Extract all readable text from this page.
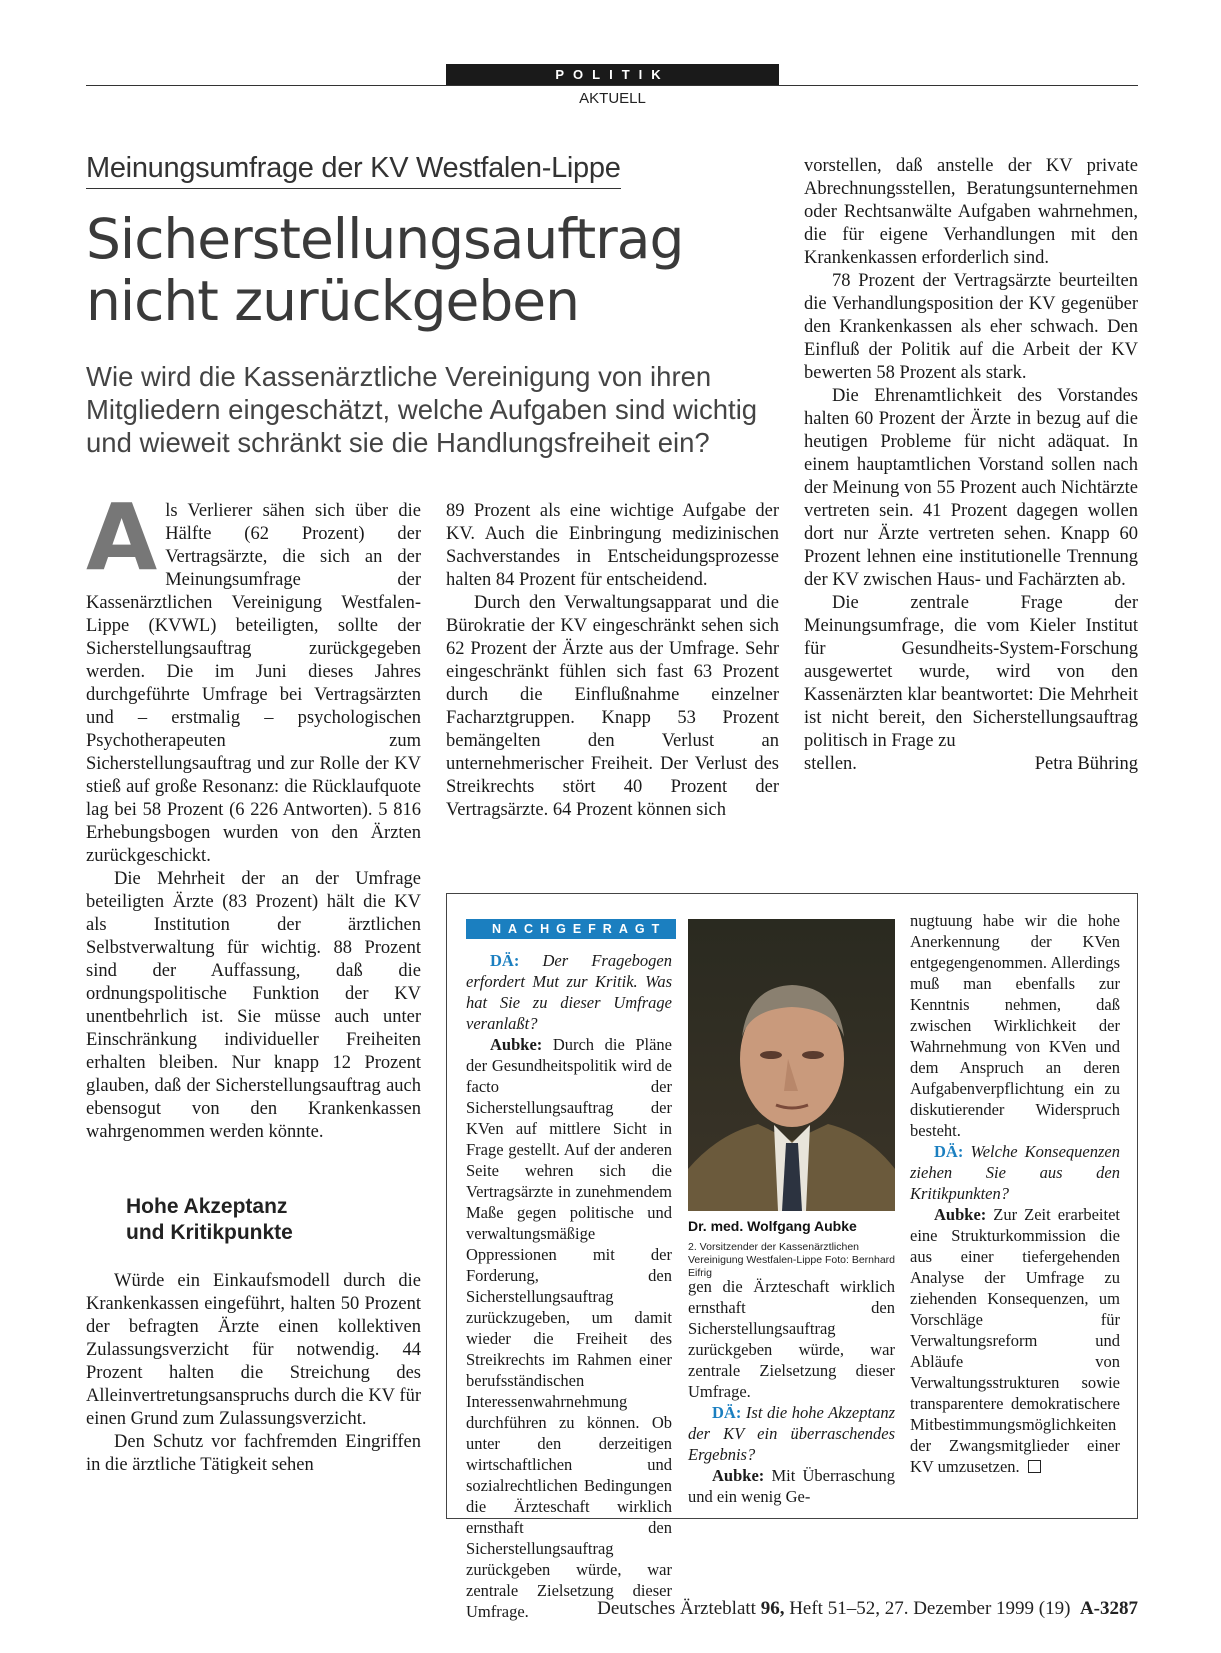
POLITIK
AKTUELL
Meinungsumfrage der KV Westfalen-Lippe
Sicherstellungsauftrag
nicht zurückgeben
Wie wird die Kassenärztliche Vereinigung von ihren Mitgliedern eingeschätzt, welche Aufgaben sind wichtig und wieweit schränkt sie die Handlungsfreiheit ein?
A ls Verlierer sähen sich über die Hälfte (62 Prozent) der Vertragsärzte, die sich an der Meinungsumfrage der Kassenärztlichen Vereinigung Westfalen-Lippe (KVWL) beteiligten, sollte der Sicherstellungsauftrag zurückgegeben werden. Die im Juni dieses Jahres durchgeführte Umfrage bei Vertragsärzten und – erstmalig – psychologischen Psychotherapeuten zum Sicherstellungsauftrag und zur Rolle der KV stieß auf große Resonanz: die Rücklaufquote lag bei 58 Prozent (6 226 Antworten). 5 816 Erhebungsbogen wurden von den Ärzten zurückgeschickt.

Die Mehrheit der an der Umfrage beteiligten Ärzte (83 Prozent) hält die KV als Institution der ärztlichen Selbstverwaltung für wichtig. 88 Prozent sind der Auffassung, daß die ordnungspolitische Funktion der KV unentbehrlich ist. Sie müsse auch unter Einschränkung individueller Freiheiten erhalten bleiben. Nur knapp 12 Prozent glauben, daß der Sicherstellungsauftrag auch ebensogut von den Krankenkassen wahrgenommen werden könnte.

Hohe Akzeptanz
und Kritikpunkte

Würde ein Einkaufsmodell durch die Krankenkassen eingeführt, halten 50 Prozent der befragten Ärzte einen kollektiven Zulassungsverzicht für notwendig. 44 Prozent halten die Streichung des Alleinvertretungsanspruchs durch die KV für einen Grund zum Zulassungsverzicht.

Den Schutz vor fachfremden Eingriffen in die ärztliche Tätigkeit sehen

89 Prozent als eine wichtige Aufgabe der KV. Auch die Einbringung medizinischen Sachverstandes in Entscheidungsprozesse halten 84 Prozent für entscheidend.

Durch den Verwaltungsapparat und die Bürokratie der KV eingeschränkt sehen sich 62 Prozent der Ärzte aus der Umfrage. Sehr eingeschränkt fühlen sich fast 63 Prozent durch die Einflußnahme einzelner Facharztgruppen. Knapp 53 Prozent bemängelten den Verlust an unternehmerischer Freiheit. Der Verlust des Streikrechts stört 40 Prozent der Vertragsärzte. 64 Prozent können sich

vorstellen, daß anstelle der KV private Abrechnungsstellen, Beratungsunternehmen oder Rechtsanwälte Aufgaben wahrnehmen, die für eigene Verhandlungen mit den Krankenkassen erforderlich sind.

78 Prozent der Vertragsärzte beurteilten die Verhandlungsposition der KV gegenüber den Krankenkassen als eher schwach. Den Einfluß der Politik auf die Arbeit der KV bewerten 58 Prozent als stark.

Die Ehrenamtlichkeit des Vorstandes halten 60 Prozent der Ärzte in bezug auf die heutigen Probleme für nicht adäquat. In einem hauptamtlichen Vorstand sollen nach der Meinung von 55 Prozent auch Nichtärzte vertreten sein. 41 Prozent dagegen wollen dort nur Ärzte vertreten sehen. Knapp 60 Prozent lehnen eine institutionelle Trennung der KV zwischen Haus- und Fachärzten ab.

Die zentrale Frage der Meinungsumfrage, die vom Kieler Institut für Gesundheits-System-Forschung ausgewertet wurde, wird von den Kassenärzten klar beantwortet: Die Mehrheit ist nicht bereit, den Sicherstellungsauftrag politisch in Frage zu

stellen.	Petra Bühring
NACHGEFRAGT

DÄ: Der Fragebogen erfordert Mut zur Kritik. Was hat Sie zu dieser Umfrage veranlaßt?

Aubke: Durch die Pläne der Gesundheitspolitik wird de facto der Sicherstellungsauftrag der KVen auf mittlere Sicht in Frage gestellt. Auf der anderen Seite wehren sich die Vertragsärzte in zunehmendem Maße gegen politische und verwaltungsmäßige Oppressionen mit der Forderung, den Sicherstellungsauftrag zurückzugeben, um damit wieder die Freiheit des Streikrechts im Rahmen einer berufsständischen Interessenwahrnehmung durchführen zu können. Ob unter den derzeitigen wirtschaftlichen und sozialrechtlichen Bedingungen die Ärzteschaft wirklich ernsthaft den Sicherstellungsauftrag zurückgeben würde, war zentrale Zielsetzung dieser Umfrage.

Dr. med. Wolfgang Aubke
2. Vorsitzender der Kassenärztlichen Vereinigung Westfalen-Lippe Foto: Bernhard Eifrig

gen die Ärzteschaft wirklich ernsthaft den Sicherstellungsauftrag zurückgeben würde, war zentrale Zielsetzung dieser Umfrage.

DÄ: Ist die hohe Akzeptanz der KV ein überraschendes Ergebnis?

Aubke: Mit Überraschung und ein wenig Ge-

nugtuung habe wir die hohe Anerkennung der KVen entgegengenommen. Allerdings muß man ebenfalls zur Kenntnis nehmen, daß zwischen Wirklichkeit der Wahrnehmung von KVen und dem Anspruch an deren Aufgabenverpflichtung ein zu diskutierender Widerspruch besteht.

DÄ: Welche Konsequenzen ziehen Sie aus den Kritikpunkten?

Aubke: Zur Zeit erarbeitet eine Strukturkommission die aus einer tiefergehenden Analyse der Umfrage zu ziehenden Konsequenzen, um Vorschläge für Verwaltungsreform und Abläufe von Verwaltungsstrukturen sowie transparentere demokratischere Mitbestimmungsmöglichkeiten der Zwangsmitglieder einer KV umzusetzen.

Deutsches Ärzteblatt 96, Heft 51–52, 27. Dezember 1999 (19) A-3287
